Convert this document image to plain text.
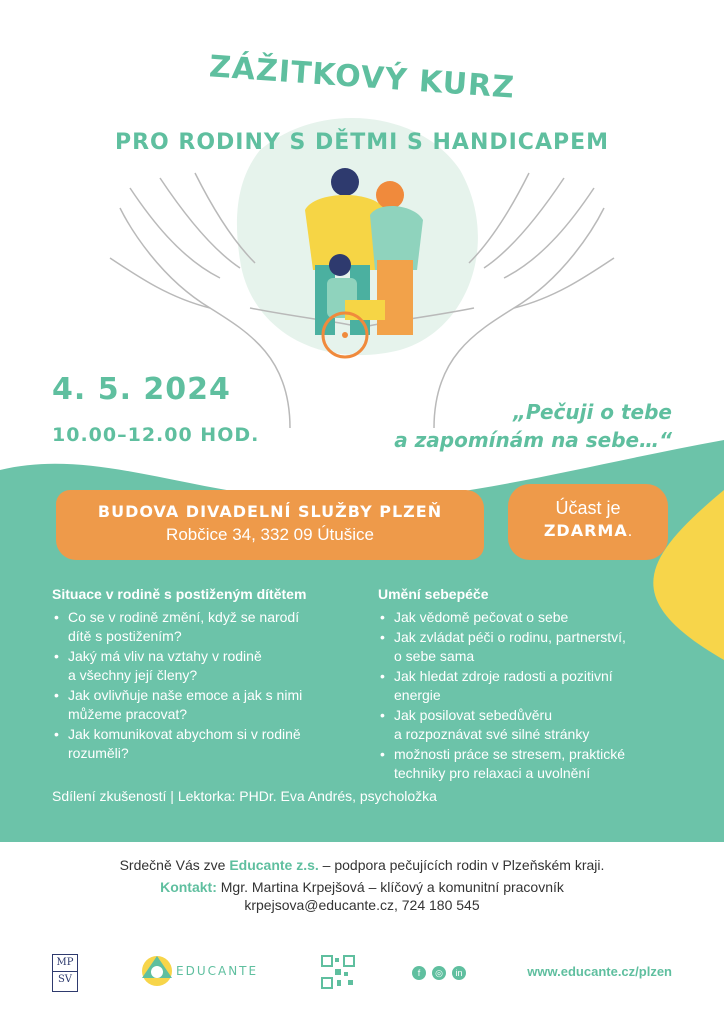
ZÁŽITKOVÝ KURZ
PRO RODINY S DĚTMI S HANDICAPEM
4. 5. 2024
10.00–12.00 HOD.
„Pečuji o tebe
a zapomínám na sebe…“
BUDOVA DIVADELNÍ SLUŽBY PLZEŇ
Robčice 34, 332 09 Útušice
Účast je
ZDARMA.
Situace v rodině s postiženým dítětem
• Co se v rodině změní, když se narodí
dítě s postižením?
• Jaký má vliv na vztahy v rodině
a všechny její členy?
• Jak ovlivňuje naše emoce a jak s nimi
můžeme pracovat?
• Jak komunikovat abychom si v rodině
rozuměli?
Umění sebepéče
• Jak vědomě pečovat o sebe
• Jak zvládat péči o rodinu, partnerství,
o sebe sama
• Jak hledat zdroje radosti a pozitivní
energie
• Jak posilovat sebedůvěru
a rozpoznávat své silné stránky
• možnosti práce se stresem, praktické
techniky pro relaxaci a uvolnění
Sdílení zkušeností | Lektorka: PHDr. Eva Andrés, psycholožka
Srdečně Vás zve Educante z.s. – podpora pečujících rodin v Plzeňském kraji.
Kontakt: Mgr. Martina Krpejšová – klíčový a komunitní pracovník
krpejsova@educante.cz, 724 180 545
MP
SV
EDUCANTE	f	◎	in	www.educante.cz/plzen
